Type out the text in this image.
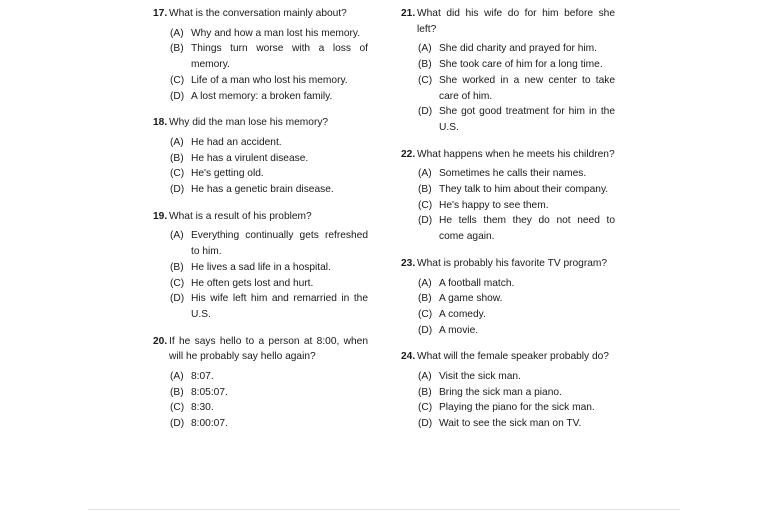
17. What is the conversation mainly about?
(A) Why and how a man lost his memory.
(B) Things turn worse with a loss of memory.
(C) Life of a man who lost his memory.
(D) A lost memory: a broken family.
18. Why did the man lose his memory?
(A) He had an accident.
(B) He has a virulent disease.
(C) He's getting old.
(D) He has a genetic brain disease.
19. What is a result of his problem?
(A) Everything continually gets refreshed to him.
(B) He lives a sad life in a hospital.
(C) He often gets lost and hurt.
(D) His wife left him and remarried in the U.S.
20. If he says hello to a person at 8:00, when will he probably say hello again?
(A) 8:07.
(B) 8:05:07.
(C) 8:30.
(D) 8:00:07.
21. What did his wife do for him before she left?
(A) She did charity and prayed for him.
(B) She took care of him for a long time.
(C) She worked in a new center to take care of him.
(D) She got good treatment for him in the U.S.
22. What happens when he meets his children?
(A) Sometimes he calls their names.
(B) They talk to him about their company.
(C) He's happy to see them.
(D) He tells them they do not need to come again.
23. What is probably his favorite TV program?
(A) A football match.
(B) A game show.
(C) A comedy.
(D) A movie.
24. What will the female speaker probably do?
(A) Visit the sick man.
(B) Bring the sick man a piano.
(C) Playing the piano for the sick man.
(D) Wait to see the sick man on TV.
